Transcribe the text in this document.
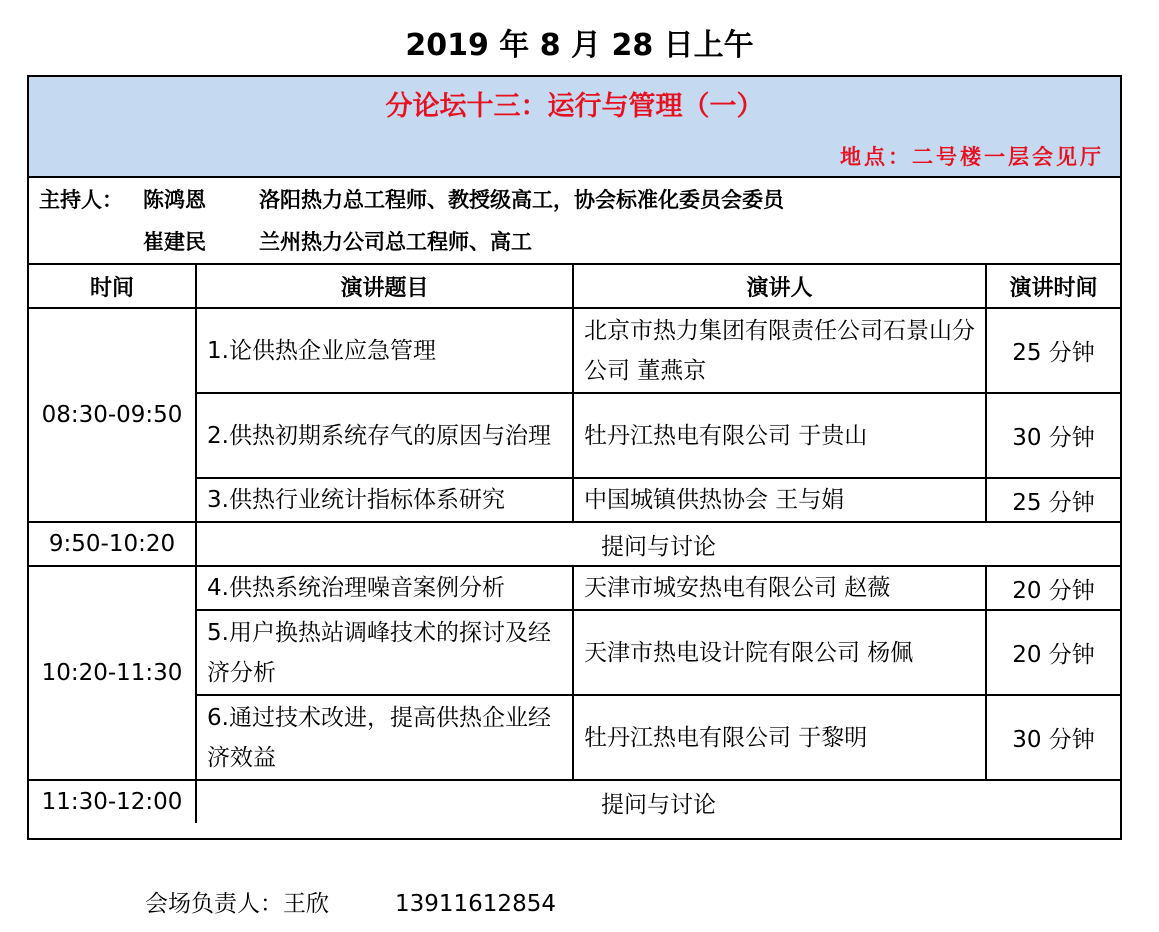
2019 年 8 月 28 日上午
分论坛十三：运行与管理（一）
地点：二号楼一层会见厅
主持人： 陈鸿恩	洛阳热力总工程师、教授级高工，协会标准化委员会委员
崔建民	兰州热力公司总工程师、高工
时间	演讲题目	演讲人	演讲时间
08:30-09:50	1.论供热企业应急管理	北京市热力集团有限责任公司石景山分公司 董燕京	25 分钟
	2.供热初期系统存气的原因与治理	牡丹江热电有限公司 于贵山	30 分钟
	3.供热行业统计指标体系研究	中国城镇供热协会 王与娟	25 分钟
9:50-10:20	提问与讨论		
10:20-11:30	4.供热系统治理噪音案例分析	天津市城安热电有限公司 赵薇	20 分钟
	5.用户换热站调峰技术的探讨及经济分析	天津市热电设计院有限公司 杨佩	20 分钟
	6.通过技术改进，提高供热企业经济效益	牡丹江热电有限公司 于黎明	30 分钟
11:30-12:00	提问与讨论		
会场负责人：王欣	13911612854
